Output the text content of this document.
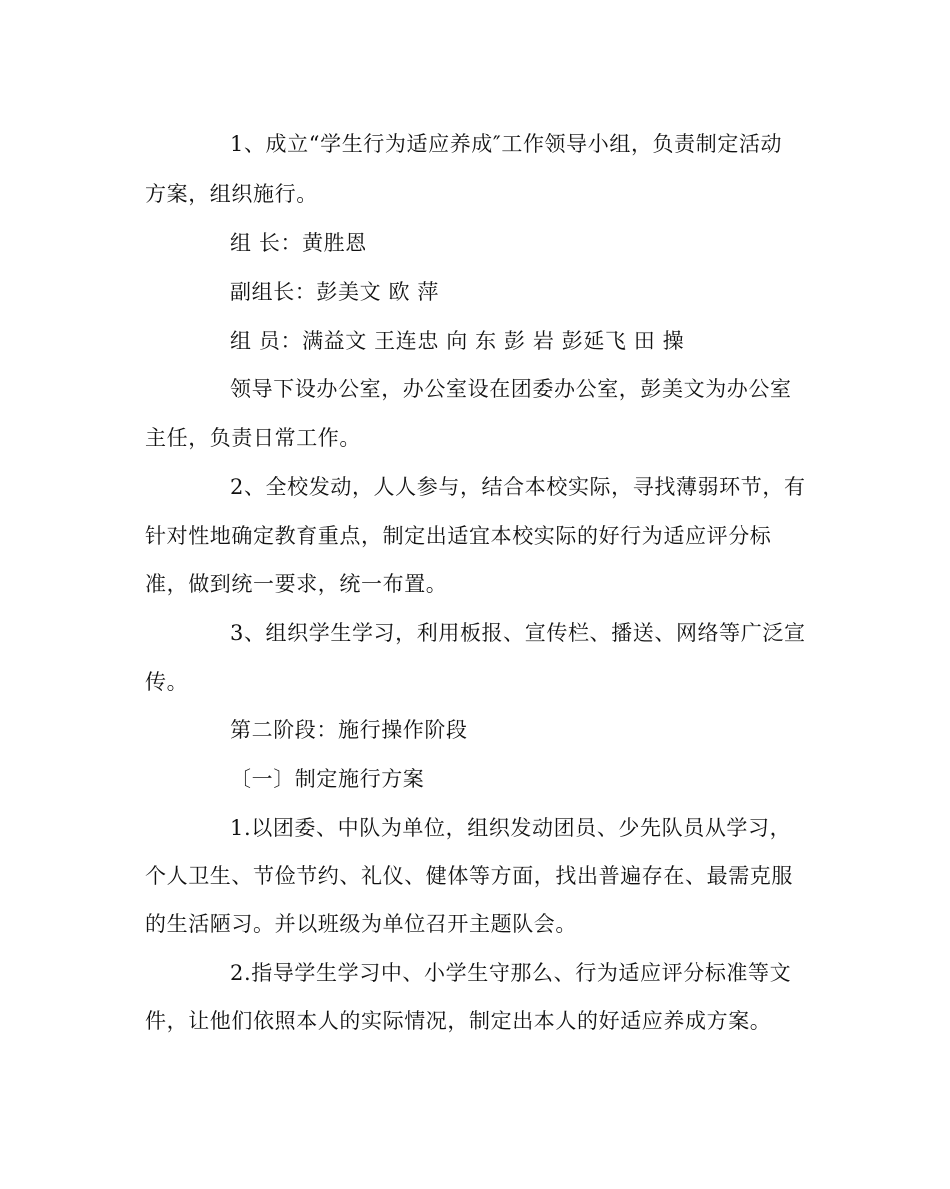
1、成立“学生行为适应养成″工作领导小组，负责制定活动
方案，组织施行。
组 长：黄胜恩
副组长：彭美文 欧 萍
组 员：满益文 王连忠 向 东 彭 岩 彭延飞 田 操
领导下设办公室，办公室设在团委办公室，彭美文为办公室
主任，负责日常工作。
2、全校发动，人人参与，结合本校实际，寻找薄弱环节，有
针对性地确定教育重点，制定出适宜本校实际的好行为适应评分标
准，做到统一要求，统一布置。
3、组织学生学习，利用板报、宣传栏、播送、网络等广泛宣
传。
第二阶段：施行操作阶段
〔一〕制定施行方案
1.以团委、中队为单位，组织发动团员、少先队员从学习，
个人卫生、节俭节约、礼仪、健体等方面，找出普遍存在、最需克服
的生活陋习。并以班级为单位召开主题队会。
2.指导学生学习中、小学生守那么、行为适应评分标准等文
件，让他们依照本人的实际情况，制定出本人的好适应养成方案。
